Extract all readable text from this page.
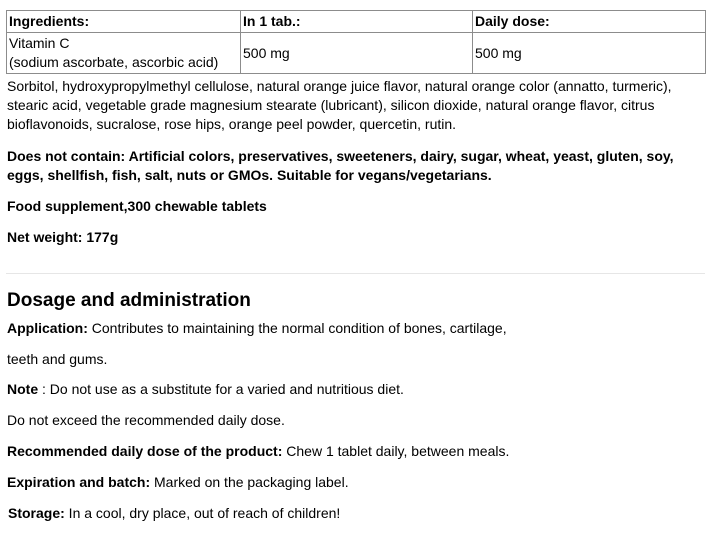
Ingredients:	In 1 tab.:	Daily dose:
Vitamin C
(sodium ascorbate, ascorbic acid)	500 mg	500 mg

Sorbitol, hydroxypropylmethyl cellulose, natural orange juice flavor, natural orange color (annatto, turmeric), stearic acid, vegetable grade magnesium stearate (lubricant), silicon dioxide, natural orange flavor, citrus bioflavonoids, sucralose, rose hips, orange peel powder, quercetin, rutin.

Does not contain: Artificial colors, preservatives, sweeteners, dairy, sugar, wheat, yeast, gluten, soy, eggs, shellfish, fish, salt, nuts or GMOs. Suitable for vegans/vegetarians.

Food supplement,300 chewable tablets

Net weight: 177g

Dosage and administration

Application: Contributes to maintaining the normal condition of bones, cartilage,

teeth and gums.

Note : Do not use as a substitute for a varied and nutritious diet.

Do not exceed the recommended daily dose.

Recommended daily dose of the product: Chew 1 tablet daily, between meals.

Expiration and batch: Marked on the packaging label.

Storage: In a cool, dry place, out of reach of children!
